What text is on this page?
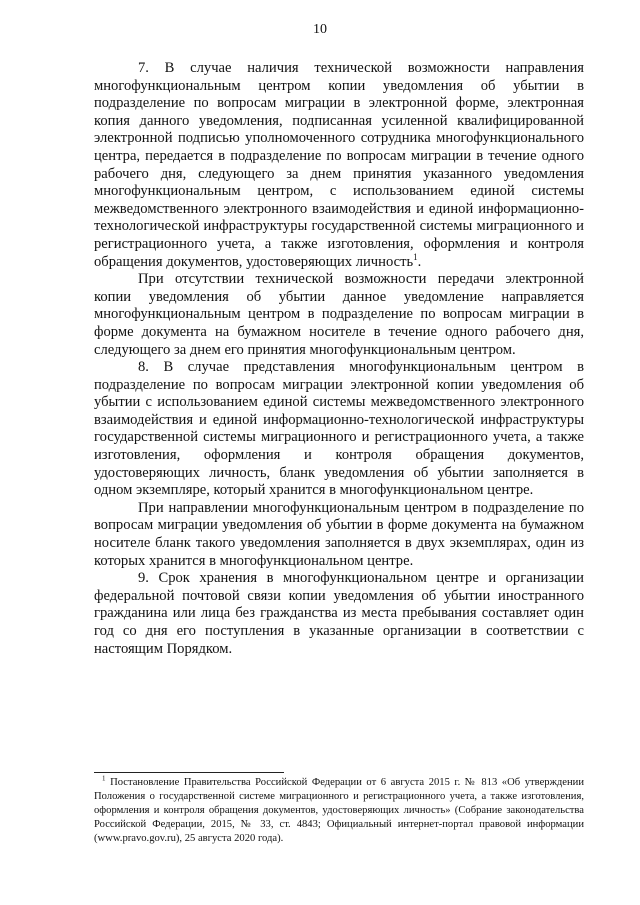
10

7. В случае наличия технической возможности направления многофункциональным центром копии уведомления об убытии в подразделение по вопросам миграции в электронной форме, электронная копия данного уведомления, подписанная усиленной квалифицированной электронной подписью уполномоченного сотрудника многофункционального центра, передается в подразделение по вопросам миграции в течение одного рабочего дня, следующего за днем принятия указанного уведомления многофункциональным центром, с использованием единой системы межведомственного электронного взаимодействия и единой информационно-технологической инфраструктуры государственной системы миграционного и регистрационного учета, а также изготовления, оформления и контроля обращения документов, удостоверяющих личность$^1$.

При отсутствии технической возможности передачи электронной копии уведомления об убытии данное уведомление направляется многофункциональным центром в подразделение по вопросам миграции в форме документа на бумажном носителе в течение одного рабочего дня, следующего за днем его принятия многофункциональным центром.

8. В случае представления многофункциональным центром в подразделение по вопросам миграции электронной копии уведомления об убытии с использованием единой системы межведомственного электронного взаимодействия и единой информационно-технологической инфраструктуры государственной системы миграционного и регистрационного учета, а также изготовления, оформления и контроля обращения документов, удостоверяющих личность, бланк уведомления об убытии заполняется в одном экземпляре, который хранится в многофункциональном центре.

При направлении многофункциональным центром в подразделение по вопросам миграции уведомления об убытии в форме документа на бумажном носителе бланк такого уведомления заполняется в двух экземплярах, один из которых хранится в многофункциональном центре.

9. Срок хранения в многофункциональном центре и организации федеральной почтовой связи копии уведомления об убытии иностранного гражданина или лица без гражданства из места пребывания составляет один год со дня его поступления в указанные организации в соответствии с настоящим Порядком.

$^1$ Постановление Правительства Российской Федерации от 6 августа 2015 г. № 813 «Об утверждении Положения о государственной системе миграционного и регистрационного учета, а также изготовления, оформления и контроля обращения документов, удостоверяющих личность» (Собрание законодательства Российской Федерации, 2015, № 33, ст. 4843; Официальный интернет-портал правовой информации (www.pravo.gov.ru), 25 августа 2020 года).
